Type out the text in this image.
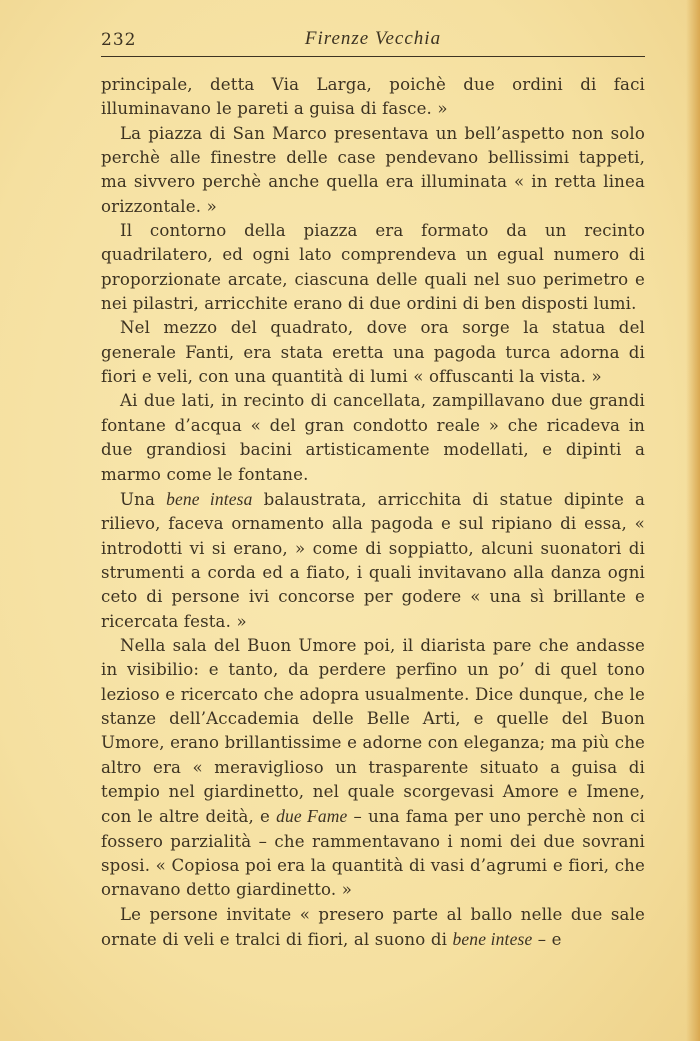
232	Firenze Vecchia

principale, detta Via Larga, poichè due ordini di faci illuminavano le pareti a guisa di fasce. »

La piazza di San Marco presentava un bell’aspetto non solo perchè alle finestre delle case pendevano bellissimi tappeti, ma sivvero perchè anche quella era illuminata « in retta linea orizzontale. »

Il contorno della piazza era formato da un recinto quadrilatero, ed ogni lato comprendeva un egual numero di proporzionate arcate, ciascuna delle quali nel suo perimetro e nei pilastri, arricchite erano di due ordini di ben disposti lumi.

Nel mezzo del quadrato, dove ora sorge la statua del generale Fanti, era stata eretta una pagoda turca adorna di fiori e veli, con una quantità di lumi « offuscanti la vista. »

Ai due lati, in recinto di cancellata, zampillavano due grandi fontane d’acqua « del gran condotto reale » che ricadeva in due grandiosi bacini artisticamente modellati, e dipinti a marmo come le fontane.

Una bene intesa balaustrata, arricchita di statue dipinte a rilievo, faceva ornamento alla pagoda e sul ripiano di essa, « introdotti vi si erano, » come di soppiatto, alcuni suonatori di strumenti a corda ed a fiato, i quali invitavano alla danza ogni ceto di persone ivi concorse per godere « una sì brillante e ricercata festa. »

Nella sala del Buon Umore poi, il diarista pare che andasse in visibilio: e tanto, da perdere perfino un po’ di quel tono lezioso e ricercato che adopra usualmente. Dice dunque, che le stanze dell’Accademia delle Belle Arti, e quelle del Buon Umore, erano brillantissime e adorne con eleganza; ma più che altro era « meraviglioso un trasparente situato a guisa di tempio nel giardinetto, nel quale scorgevasi Amore e Imene, con le altre deità, e due Fame – una fama per uno perchè non ci fossero parzialità – che rammentavano i nomi dei due sovrani sposi. « Copiosa poi era la quantità di vasi d’agrumi e fiori, che ornavano detto giardinetto. »

Le persone invitate « presero parte al ballo nelle due sale ornate di veli e tralci di fiori, al suono di bene intese – e
